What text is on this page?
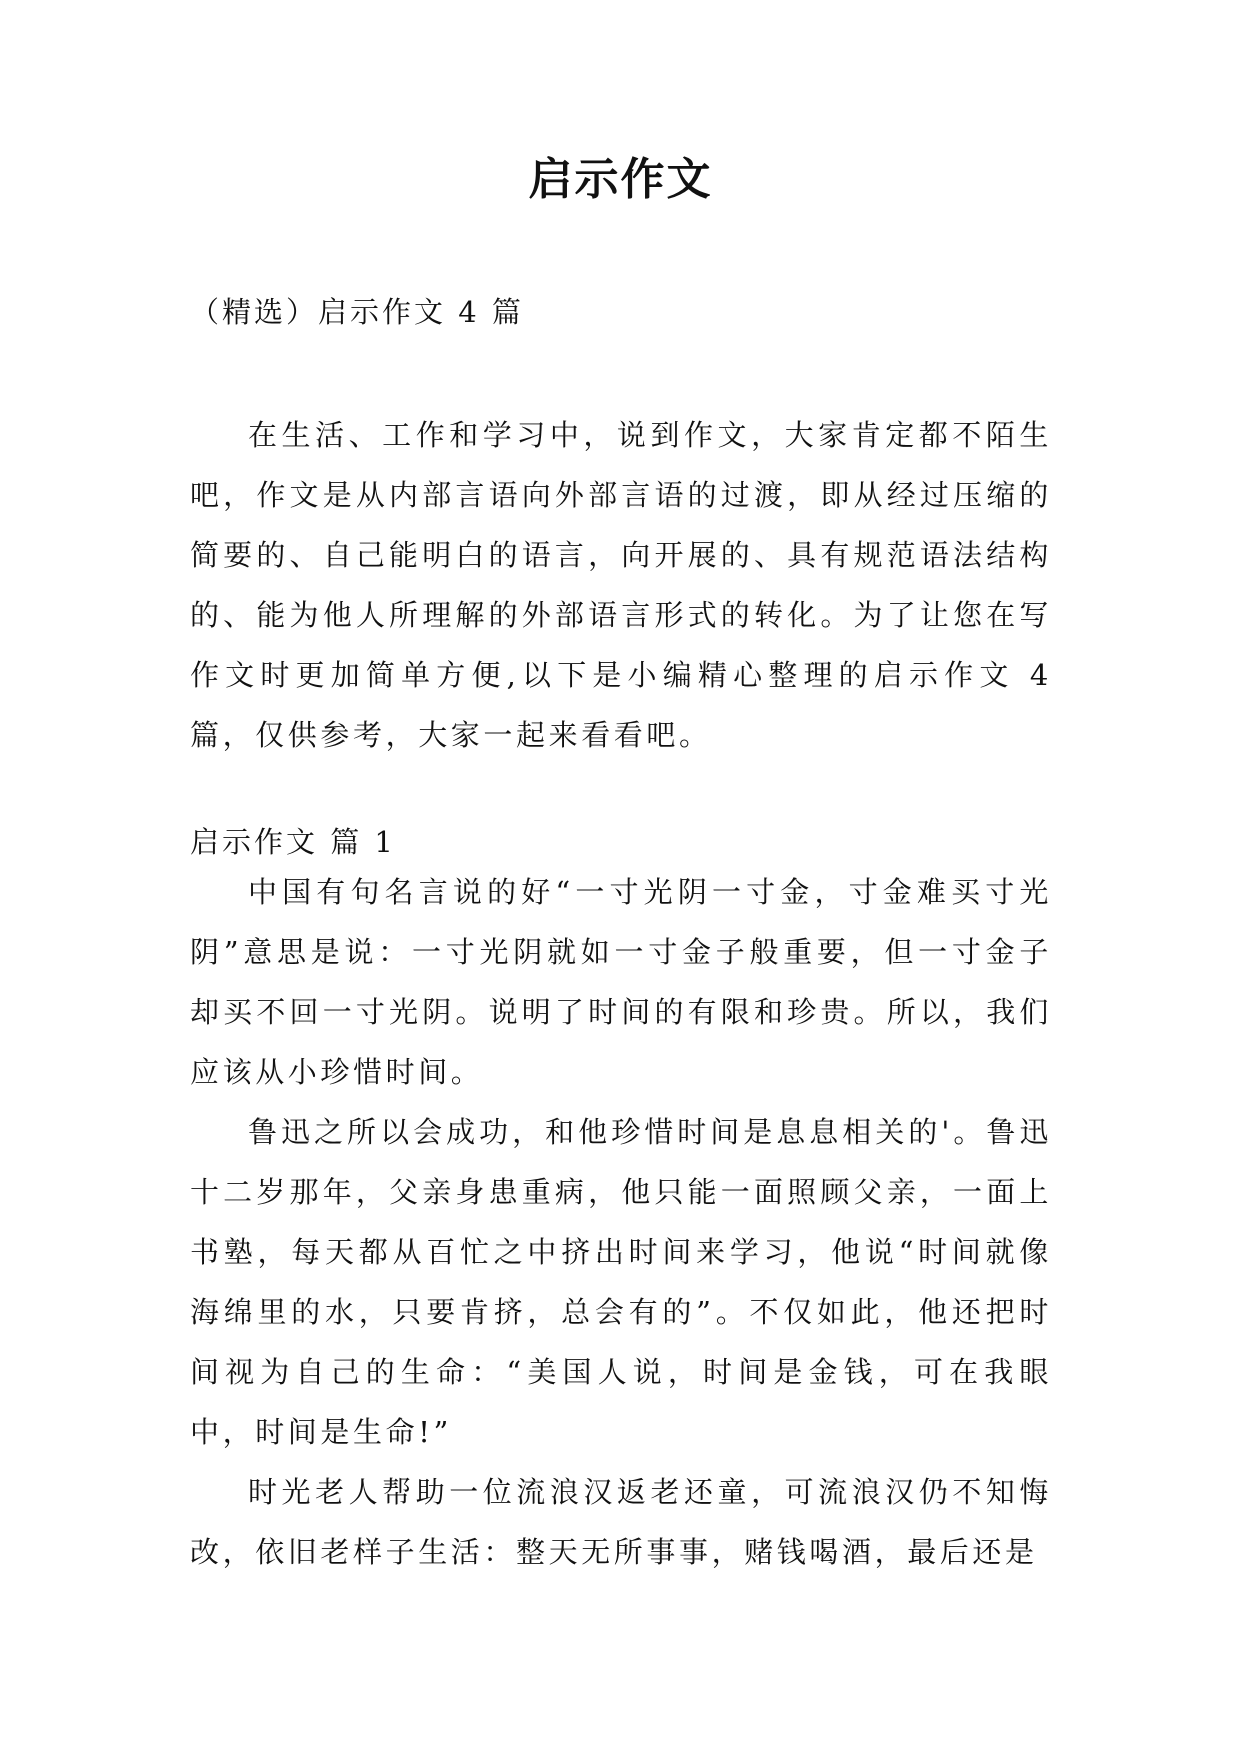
启示作文

（精选）启示作文 4 篇

在生活、工作和学习中，说到作文，大家肯定都不陌生吧，作文是从内部言语向外部言语的过渡，即从经过压缩的简要的、自己能明白的语言，向开展的、具有规范语法结构的、能为他人所理解的外部语言形式的转化。为了让您在写作文时更加简单方便,以下是小编精心整理的启示作文 4 篇，仅供参考，大家一起来看看吧。

启示作文 篇 1

中国有句名言说的好“一寸光阴一寸金，寸金难买寸光阴”意思是说：一寸光阴就如一寸金子般重要，但一寸金子却买不回一寸光阴。说明了时间的有限和珍贵。所以，我们应该从小珍惜时间。

鲁迅之所以会成功，和他珍惜时间是息息相关的'。鲁迅十二岁那年，父亲身患重病，他只能一面照顾父亲，一面上书塾，每天都从百忙之中挤出时间来学习，他说“时间就像海绵里的水，只要肯挤，总会有的”。不仅如此，他还把时间视为自己的生命：“美国人说，时间是金钱，可在我眼中，时间是生命!”

时光老人帮助一位流浪汉返老还童，可流浪汉仍不知悔改，依旧老样子生活：整天无所事事，赌钱喝酒，最后还是
